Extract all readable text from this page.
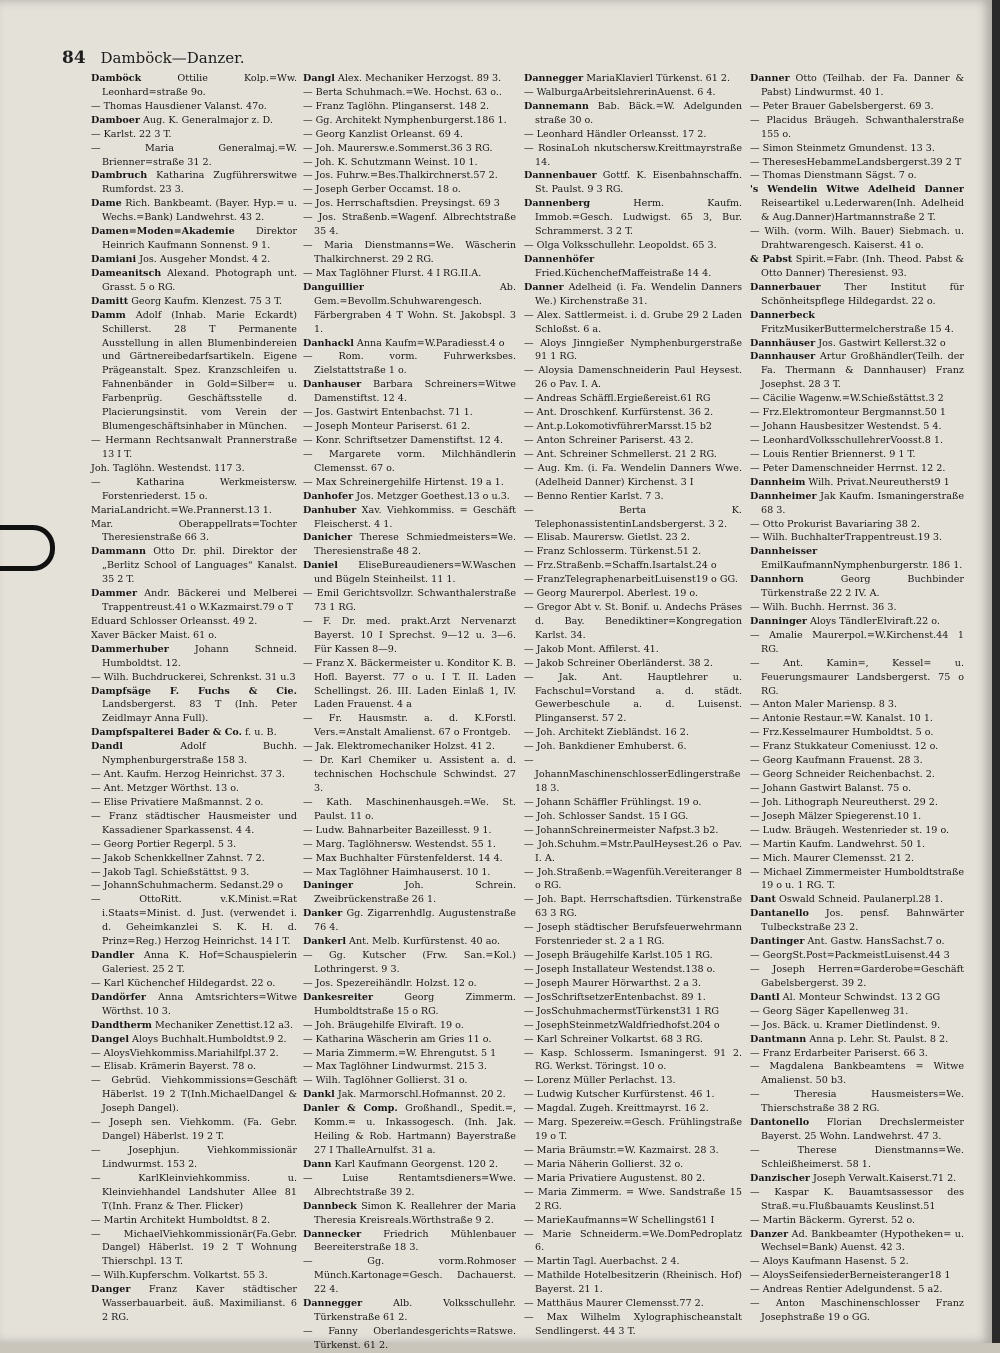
84 Damböck—Danzer.

Damböck Ottilie Kolp.=Ww. Leonhard=straße 9o.

— Thomas Hausdiener Valanst. 47o.

Damboer Aug. K. Generalmajor z. D.

— Karlst. 22 3 T.

— Maria Generalmaj.=W. Brienner=straße 31 2.

Dambruch Katharina Zugführerswitwe Rumfordst. 23 3.

Dame Rich. Bankbeamt. (Bayer. Hyp.= u. Wechs.=Bank) Landwehrst. 43 2.

Damen=Moden=Akademie Direktor Heinrich Kaufmann Sonnenst. 9 1.

Damiani Jos. Ausgeher Mondst. 4 2.

Dameanitsch Alexand. Photograph unt. Grasst. 5 o RG.

Damitt Georg Kaufm. Klenzest. 75 3 T.

Damm Adolf (Inhab. Marie Eckardt) Schillerst. 28 T Permanente Ausstellung in allen Blumenbindereien und Gärtnereibedarfsartikeln. Eigene Prägeanstalt. Spez. Kranzschleifen u. Fahnenbänder in Gold=Silber= u. Farbenprüg. Geschäftsstelle d. Placierungsinstit. vom Verein der Blumengeschäftsinhaber in München.

— Hermann Rechtsanwalt Prannerstraße 13 I T.

Joh. Taglöhn. Westendst. 117 3.

— Katharina Werkmeistersw. Forstenriederst. 15 o.

MariaLandricht.=We.Prannerst.13 1.

Mar. Oberappellrats=Tochter Theresienstraße 66 3.

Dammann Otto Dr. phil. Direktor der „Berlitz School of Languages“ Kanalst. 35 2 T.

Dammer Andr. Bäckerei und Melberei Trappentreust.41 o W.Kazmairst.79 o T

Eduard Schlosser Orleansst. 49 2.

Xaver Bäcker Maist. 61 o.

Dammerhuber Johann Schneid. Humboldtst. 12.

— Wilh. Buchdruckerei, Schrenkst. 31 u.3

Dampfsäge F. Fuchs & Cie. Landsbergerst. 83 T (Inh. Peter Zeidlmayr Anna Full).

Dampfspalterei Bader & Co. f. u. B.

Dandl Adolf Buchh. Nymphenburgerstraße 158 3.

— Ant. Kaufm. Herzog Heinrichst. 37 3.

— Ant. Metzger Wörthst. 13 o.

— Elise Privatiere Maßmannst. 2 o.

— Franz städtischer Hausmeister und Kassadiener Sparkassenst. 4 4.

— Georg Portier Regerpl. 5 3.

— Jakob Schenkkellner Zahnst. 7 2.

— Jakob Tagl. Schießstättst. 9 3.

— JohannSchuhmacherm. Sedanst.29 o

— OttoRitt. v.K.Minist.=Rat i.Staats=Minist. d. Just. (verwendet i. d. Geheimkanzlei S. K. H. d. Prinz=Reg.) Herzog Heinrichst. 14 I T.

Dandler Anna K. Hof=Schauspielerin Galeriest. 25 2 T.

— Karl Küchenchef Hildegardst. 22 o.

Dandörfer Anna Amtsrichters=Witwe Wörthst. 10 3.

Dandtherm Mechaniker Zenettist.12 a3.

Dangel Aloys Buchhalt.Humboldtst.9 2.

— AloysViehkommiss.Mariahilfpl.37 2.

— Elisab. Krämerin Bayerst. 78 o.

— Gebrüd. Viehkommissions=Geschäft Häberlst. 19 2 T(Inh.MichaelDangel & Joseph Dangel).

— Joseph sen. Viehkomm. (Fa. Gebr. Dangel) Häberlst. 19 2 T.

— Josephjun. Viehkommissionär Lindwurmst. 153 2.

— KarlKleinviehkommiss. u. Kleinviehhandel Landshuter Allee 81 T(Inh. Franz & Ther. Flicker)

— Martin Architekt Humboldtst. 8 2.

— MichaelViehkommissionär(Fa.Gebr. Dangel) Häberlst. 19 2 T Wohnung Thierschpl. 13 T.

— Wilh.Kupferschm. Volkartst. 55 3.

Danger Franz Kaver städtischer Wasserbauarbeit. äuß. Maximilianst. 6 2 RG.

Dangl Alex. Mechaniker Herzogst. 89 3.

— Berta Schuhmach.=We. Hochst. 63 o..

— Franz Taglöhn. Plinganserst. 148 2.

— Gg. Architekt Nymphenburgerst.186 1.

— Georg Kanzlist Orleanst. 69 4.

— Joh. Maurersw.e.Sommerst.36 3 RG.

— Joh. K. Schutzmann Weinst. 10 1.

— Jos. Fuhrw.=Bes.Thalkirchnerst.57 2.

— Joseph Gerber Occamst. 18 o.

— Jos. Herrschaftsdien. Preysingst. 69 3

— Jos. Straßenb.=Wagenf. Albrechtstraße 35 4.

— Maria Dienstmanns=We. Wäscherin Thalkirchnerst. 29 2 RG.

— Max Taglöhner Flurst. 4 I RG.II.A.

Danguillier Ab. Gem.=Bevollm.Schuhwarengesch. Färbergraben 4 T Wohn. St. Jakobspl. 3 1.

Danhackl Anna Kaufm=W.Paradiesst.4 o

— Rom. vorm. Fuhrwerksbes. Zielstattstraße 1 o.

Danhauser Barbara Schreiners=Witwe Damenstiftst. 12 4.

— Jos. Gastwirt Entenbachst. 71 1.

— Joseph Monteur Pariserst. 61 2.

— Konr. Schriftsetzer Damenstiftst. 12 4.

— Margarete vorm. Milchhändlerin Clemensst. 67 o.

— Max Schreinergehilfe Hirtenst. 19 a 1.

Danhofer Jos. Metzger Goethest.13 o u.3.

Danhuber Xav. Viehkommiss. = Geschäft Fleischerst. 4 1.

Danicher Therese Schmiedmeisters=We. Theresienstraße 48 2.

Daniel EliseBureaudieners=W.Waschen und Bügeln Steinheilst. 11 1.

— Emil Gerichtsvollzr. Schwanthalerstraße 73 1 RG.

— F. Dr. med. prakt.Arzt Nervenarzt Bayerst. 10 I Sprechst. 9—12 u. 3—6. Für Kassen 8—9.

— Franz X. Bäckermeister u. Konditor K. B. Hofl. Bayerst. 77 o u. I T. II. Laden Schellingst. 26. III. Laden Einlaß 1, IV. Laden Frauenst. 4 a

— Fr. Hausmstr. a. d. K.Forstl. Vers.=Anstalt Amalienst. 67 o Frontgeb.

— Jak. Elektromechaniker Holzst. 41 2.

— Dr. Karl Chemiker u. Assistent a. d. technischen Hochschule Schwindst. 27 3.

— Kath. Maschinenhausgeh.=We. St. Paulst. 11 o.

— Ludw. Bahnarbeiter Bazeillesst. 9 1.

— Marg. Taglöhnersw. Westendst. 55 1.

— Max Buchhalter Fürstenfelderst. 14 4.

— Max Taglöhner Haimhauserst. 10 1.

Daninger Joh. Schrein. Zweibrückenstraße 26 1.

Danker Gg. Zigarrenhdlg. Augustenstraße 76 4.

Dankerl Ant. Melb. Kurfürstenst. 40 ao.

— Gg. Kutscher (Frw. San.=Kol.) Lothringerst. 9 3.

— Jos. Spezereihändlr. Holzst. 12 o.

Dankesreiter Georg Zimmerm. Humboldtstraße 15 o RG.

— Joh. Bräugehilfe Elviraft. 19 o.

— Katharina Wäscherin am Gries 11 o.

— Maria Zimmerm.=W. Ehrengutst. 5 1

— Max Taglöhner Lindwurmst. 215 3.

— Wilh. Taglöhner Gollierst. 31 o.

Dankl Jak. Marmorschl.Hofmannst. 20 2.

Danler & Comp. Großhandl., Spedit.=, Komm.= u. Inkassogesch. (Inh. Jak. Heiling & Rob. Hartmann) Bayerstraße 27 I ThalleArnulfst. 31 a.

Dann Karl Kaufmann Georgenst. 120 2.

— Luise Rentamtsdieners=Wwe. Albrechtstraße 39 2.

Dannbeck Simon K. Reallehrer der Maria Theresia Kreisreals.Wörthstraße 9 2.

Dannecker Friedrich Mühlenbauer Beereiterstraße 18 3.

— Gg. vorm.Rohmoser Münch.Kartonage=Gesch. Dachauerst. 22 4.

Dannegger Alb. Volksschullehr. Türkenstraße 61 2.

— Fanny Oberlandesgerichts=Ratswe. Türkenst. 61 2.

Dannegger MariaKlavierl Türkenst. 61 2.

— WalburgaArbeitslehrerinAuenst. 6 4.

Dannemann Bab. Bäck.=W. Adelgunden straße 30 o.

— Leonhard Händler Orleansst. 17 2.

— RosinaLoh nkutschersw.Kreittmayrstraße 14.

Dannenbauer Gottf. K. Eisenbahnschaffn. St. Paulst. 9 3 RG.

Dannenberg Herm. Kaufm. Immob.=Gesch. Ludwigst. 65 3, Bur. Schrammerst. 3 2 T.

— Olga Volksschullehr. Leopoldst. 65 3.

Dannenhöfer Fried.KüchenchefMaffeistraße 14 4.

Danner Adelheid (i. Fa. Wendelin Danners We.) Kirchenstraße 31.

— Alex. Sattlermeist. i. d. Grube 29 2 Laden Schloßst. 6 a.

— Aloys Jinngießer Nymphenburgerstraße 91 1 RG.

— Aloysia Damenschneiderin Paul Heysest. 26 o Pav. I. A.

— Andreas Schäffl.Ergießereist.61 RG

— Ant. Droschkenf. Kurfürstenst. 36 2.

— Ant.p.LokomotivführerMarsst.15 b2

— Anton Schreiner Pariserst. 43 2.

— Ant. Schreiner Schmellerst. 21 2 RG.

— Aug. Km. (i. Fa. Wendelin Danners Wwe. (Adelheid Danner) Kirchenst. 3 I

— Benno Rentier Karlst. 7 3.

— Berta K. TelephonassistentinLandsbergerst. 3 2.

— Elisab. Maurersw. Gietlst. 23 2.

— Franz Schlosserm. Türkenst.51 2.

— Frz.Straßenb.=Schaffn.Isartalst.24 o

— FranzTelegraphenarbeitLuisenst19 o GG.

— Georg Maurerpol. Aberlest. 19 o.

— Gregor Abt v. St. Bonif. u. Andechs Präses d. Bay. Benediktiner=Kongregation Karlst. 34.

— Jakob Mont. Affilerst. 41.

— Jakob Schreiner Oberländerst. 38 2.

— Jak. Ant. Hauptlehrer u. Fachschul=Vorstand a. d. städt. Gewerbeschule a. d. Luisenst. Plinganserst. 57 2.

— Joh. Architekt Ziebländst. 16 2.

— Joh. Bankdiener Emhuberst. 6.

— JohannMaschinenschlosserEdlingerstraße 18 3.

— Johann Schäffler Frühlingst. 19 o.

— Joh. Schlosser Sandst. 15 I GG.

— JohannSchreinermeister Nafpst.3 b2.

— Joh.Schuhm.=Mstr.PaulHeysest.26 o Pav. I. A.

— Joh.Straßenb.=Wagenfüh.Vereiteranger 8 o RG.

— Joh. Bapt. Herrschaftsdien. Türkenstraße 63 3 RG.

— Joseph städtischer Berufsfeuerwehrmann Forstenrieder st. 2 a 1 RG.

— Joseph Bräugehilfe Karlst.105 1 RG.

— Joseph Installateur Westendst.138 o.

— Joseph Maurer Hörwarthst. 2 a 3.

— JosSchriftsetzerEntenbachst. 89 1.

— JosSchuhmachermstTürkenst31 1 RG

— JosephSteinmetzWaldfriedhofst.204 o

— Karl Schreiner Volkartst. 68 3 RG.

— Kasp. Schlosserm. Ismaningerst. 91 2. RG. Werkst. Töringst. 10 o.

— Lorenz Müller Perlachst. 13.

— Ludwig Kutscher Kurfürstenst. 46 1.

— Magdal. Zugeh. Kreittmayrst. 16 2.

— Marg. Spezereiw.=Gesch. Frühlingstraße 19 o T.

— Maria Bräumstr.=W. Kazmairst. 28 3.

— Maria Näherin Gollierst. 32 o.

— Maria Privatiere Augustenst. 80 2.

— Maria Zimmerm. = Wwe. Sandstraße 15 2 RG.

— MarieKaufmanns=W Schellingst61 I

— Marie Schneiderm.=We.DomPedroplatz 6.

— Martin Tagl. Auerbachst. 2 4.

— Mathilde Hotelbesitzerin (Rheinisch. Hof) Bayerst. 21 1.

— Matthäus Maurer Clemensst.77 2.

— Max Wilhelm Xylographischeanstalt Sendlingerst. 44 3 T.

Danner Otto (Teilhab. der Fa. Danner & Pabst) Lindwurmst. 40 1.

— Peter Brauer Gabelsbergerst. 69 3.

— Placidus Bräugeh. Schwanthalerstraße 155 o.

— Simon Steinmetz Gmundenst. 13 3.

— TheresesHebammeLandsbergerst.39 2 T

— Thomas Dienstmann Sägst. 7 o.

's Wendelin Witwe Adelheid Danner Reiseartikel u.Lederwaren(Inh. Adelheid & Aug.Danner)Hartmannstraße 2 T.

— Wilh. (vorm. Wilh. Bauer) Siebmach. u. Drahtwarengesch. Kaiserst. 41 o.

& Pabst Spirit.=Fabr. (Inh. Theod. Pabst & Otto Danner) Theresienst. 93.

Dannerbauer Ther Institut für Schönheitspflege Hildegardst. 22 o.

Dannerbeck FritzMusikerButtermelcherstraße 15 4.

Dannhäuser Jos. Gastwirt Kellerst.32 o

Dannhauser Artur Großhändler(Teilh. der Fa. Thermann & Dannhauser) Franz Josephst. 28 3 T.

— Cäcilie Wagenw.=W.Schießstättst.3 2

— Frz.Elektromonteur Bergmannst.50 1

— Johann Hausbesitzer Westendst. 5 4.

— LeonhardVolksschullehrerVoosst.8 1.

— Louis Rentier Briennerst. 9 1 T.

— Peter Damenschneider Herrnst. 12 2.

Dannheim Wilh. Privat.Neureutherst9 1

Dannheimer Jak Kaufm. Ismaningerstraße 68 3.

— Otto Prokurist Bavariaring 38 2.

— Wilh. BuchhalterTrappentreust.19 3.

Dannheisser EmilKaufmannNymphenburgerstr. 186 1.

Dannhorn Georg Buchbinder Türkenstraße 22 2 IV. A.

— Wilh. Buchh. Herrnst. 36 3.

Danninger Aloys TändlerElviraft.22 o.

— Amalie Maurerpol.=W.Kirchenst.44 1 RG.

— Ant. Kamin=, Kessel= u. Feuerungsmaurer Landsbergerst. 75 o RG.

— Anton Maler Mariensp. 8 3.

— Antonie Restaur.=W. Kanalst. 10 1.

— Frz.Kesselmaurer Humboldtst. 5 o.

— Franz Stukkateur Comeniusst. 12 o.

— Georg Kaufmann Frauenst. 28 3.

— Georg Schneider Reichenbachst. 2.

— Johann Gastwirt Balanst. 75 o.

— Joh. Lithograph Neureutherst. 29 2.

— Joseph Mälzer Spiegerenst.10 1.

— Ludw. Bräugeh. Westenrieder st. 19 o.

— Martin Kaufm. Landwehrst. 50 1.

— Mich. Maurer Clemensst. 21 2.

— Michael Zimmermeister Humboldtstraße 19 o u. 1 RG. T.

Dant Oswald Schneid. Paulanerpl.28 1.

Dantanello Jos. pensf. Bahnwärter Tulbeckstraße 23 2.

Dantinger Ant. Gastw. HansSachst.7 o.

— GeorgSt.Post=PackmeistLuisenst.44 3

— Joseph Herren=Garderobe=Geschäft Gabelsbergerst. 39 2.

Dantl Al. Monteur Schwindst. 13 2 GG

— Georg Säger Kapellenweg 31.

— Jos. Bäck. u. Kramer Dietlindenst. 9.

Dantmann Anna p. Lehr. St. Paulst. 8 2.

— Franz Erdarbeiter Pariserst. 66 3.

— Magdalena Bankbeamtens = Witwe Amalienst. 50 b3.

— Theresia Hausmeisters=We. Thierschstraße 38 2 RG.

Dantonello Florian Drechslermeister Bayerst. 25 Wohn. Landwehrst. 47 3.

— Therese Dienstmanns=We. Schleißheimerst. 58 1.

Danzischer Joseph Verwalt.Kaiserst.71 2.

— Kaspar K. Bauamtsassessor des Straß.=u.Flußbauamts Keuslinst.51

— Martin Bäckerm. Gyrerst. 52 o.

Danzer Ad. Bankbeamter (Hypotheken= u. Wechsel=Bank) Auenst. 42 3.

— Aloys Kaufmann Hasenst. 5 2.

— AloysSeifensiederBerneisteranger18 1

— Andreas Rentier Adelgundenst. 5 a2.

— Anton Maschinenschlosser Franz Josephstraße 19 o GG.
